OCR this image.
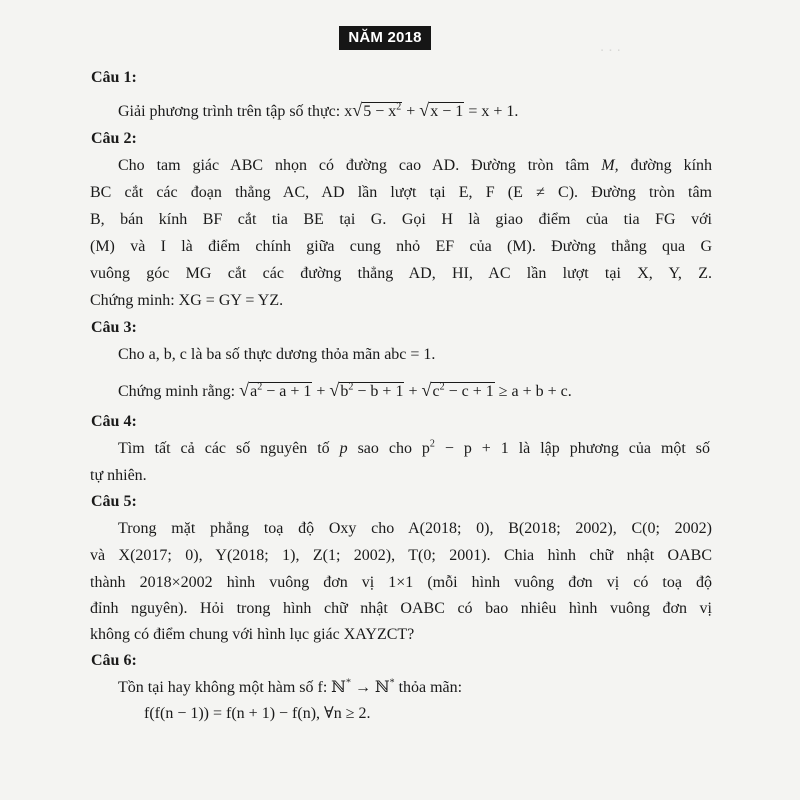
. . .
NĂM 2018
Câu 1:
Giải phương trình trên tập số thực: x √ $5 - x^2$ + √ x − 1 = x + 1.
Câu 2:
Cho tam giác ABC nhọn có đường cao AD. Đường tròn tâm M, đường kính
BC cắt các đoạn thẳng AC, AD lần lượt tại E, F (E ≠ C). Đường tròn tâm
B, bán kính BF cắt tia BE tại G. Gọi H là giao điểm của tia FG với
(M) và I là điểm chính giữa cung nhỏ EF của (M). Đường thẳng qua G
vuông góc MG cắt các đường thẳng AD, HI, AC lần lượt tại X, Y, Z.
Chứng minh: XG = GY = YZ.
Câu 3:
Cho a, b, c là ba số thực dương thỏa mãn abc = 1.
Chứng minh rằng: √ $a^2 - a + 1$ + √ $b^2 - b + 1$ + √ $c^2 - c + 1 \ge a + b + c$.
Câu 4:
Tìm tất cả các số nguyên tố p sao cho $p^2 - p + 1$ là lập phương của một số
tự nhiên.
Câu 5:
Trong mặt phẳng toạ độ Oxy cho A(2018; 0), B(2018; 2002), C(0; 2002)
và X(2017; 0), Y(2018; 1), Z(1; 2002), T(0; 2001). Chia hình chữ nhật OABC
thành 2018×2002 hình vuông đơn vị 1×1 (mỗi hình vuông đơn vị có toạ độ
đỉnh nguyên). Hỏi trong hình chữ nhật OABC có bao nhiêu hình vuông đơn vị
không có điểm chung với hình lục giác XAYZCT?
Câu 6:
Tồn tại hay không một hàm số f: ℕ* → ℕ* thỏa mãn:
f(f(n − 1)) = f(n + 1) − f(n), ∀n ≥ 2.
